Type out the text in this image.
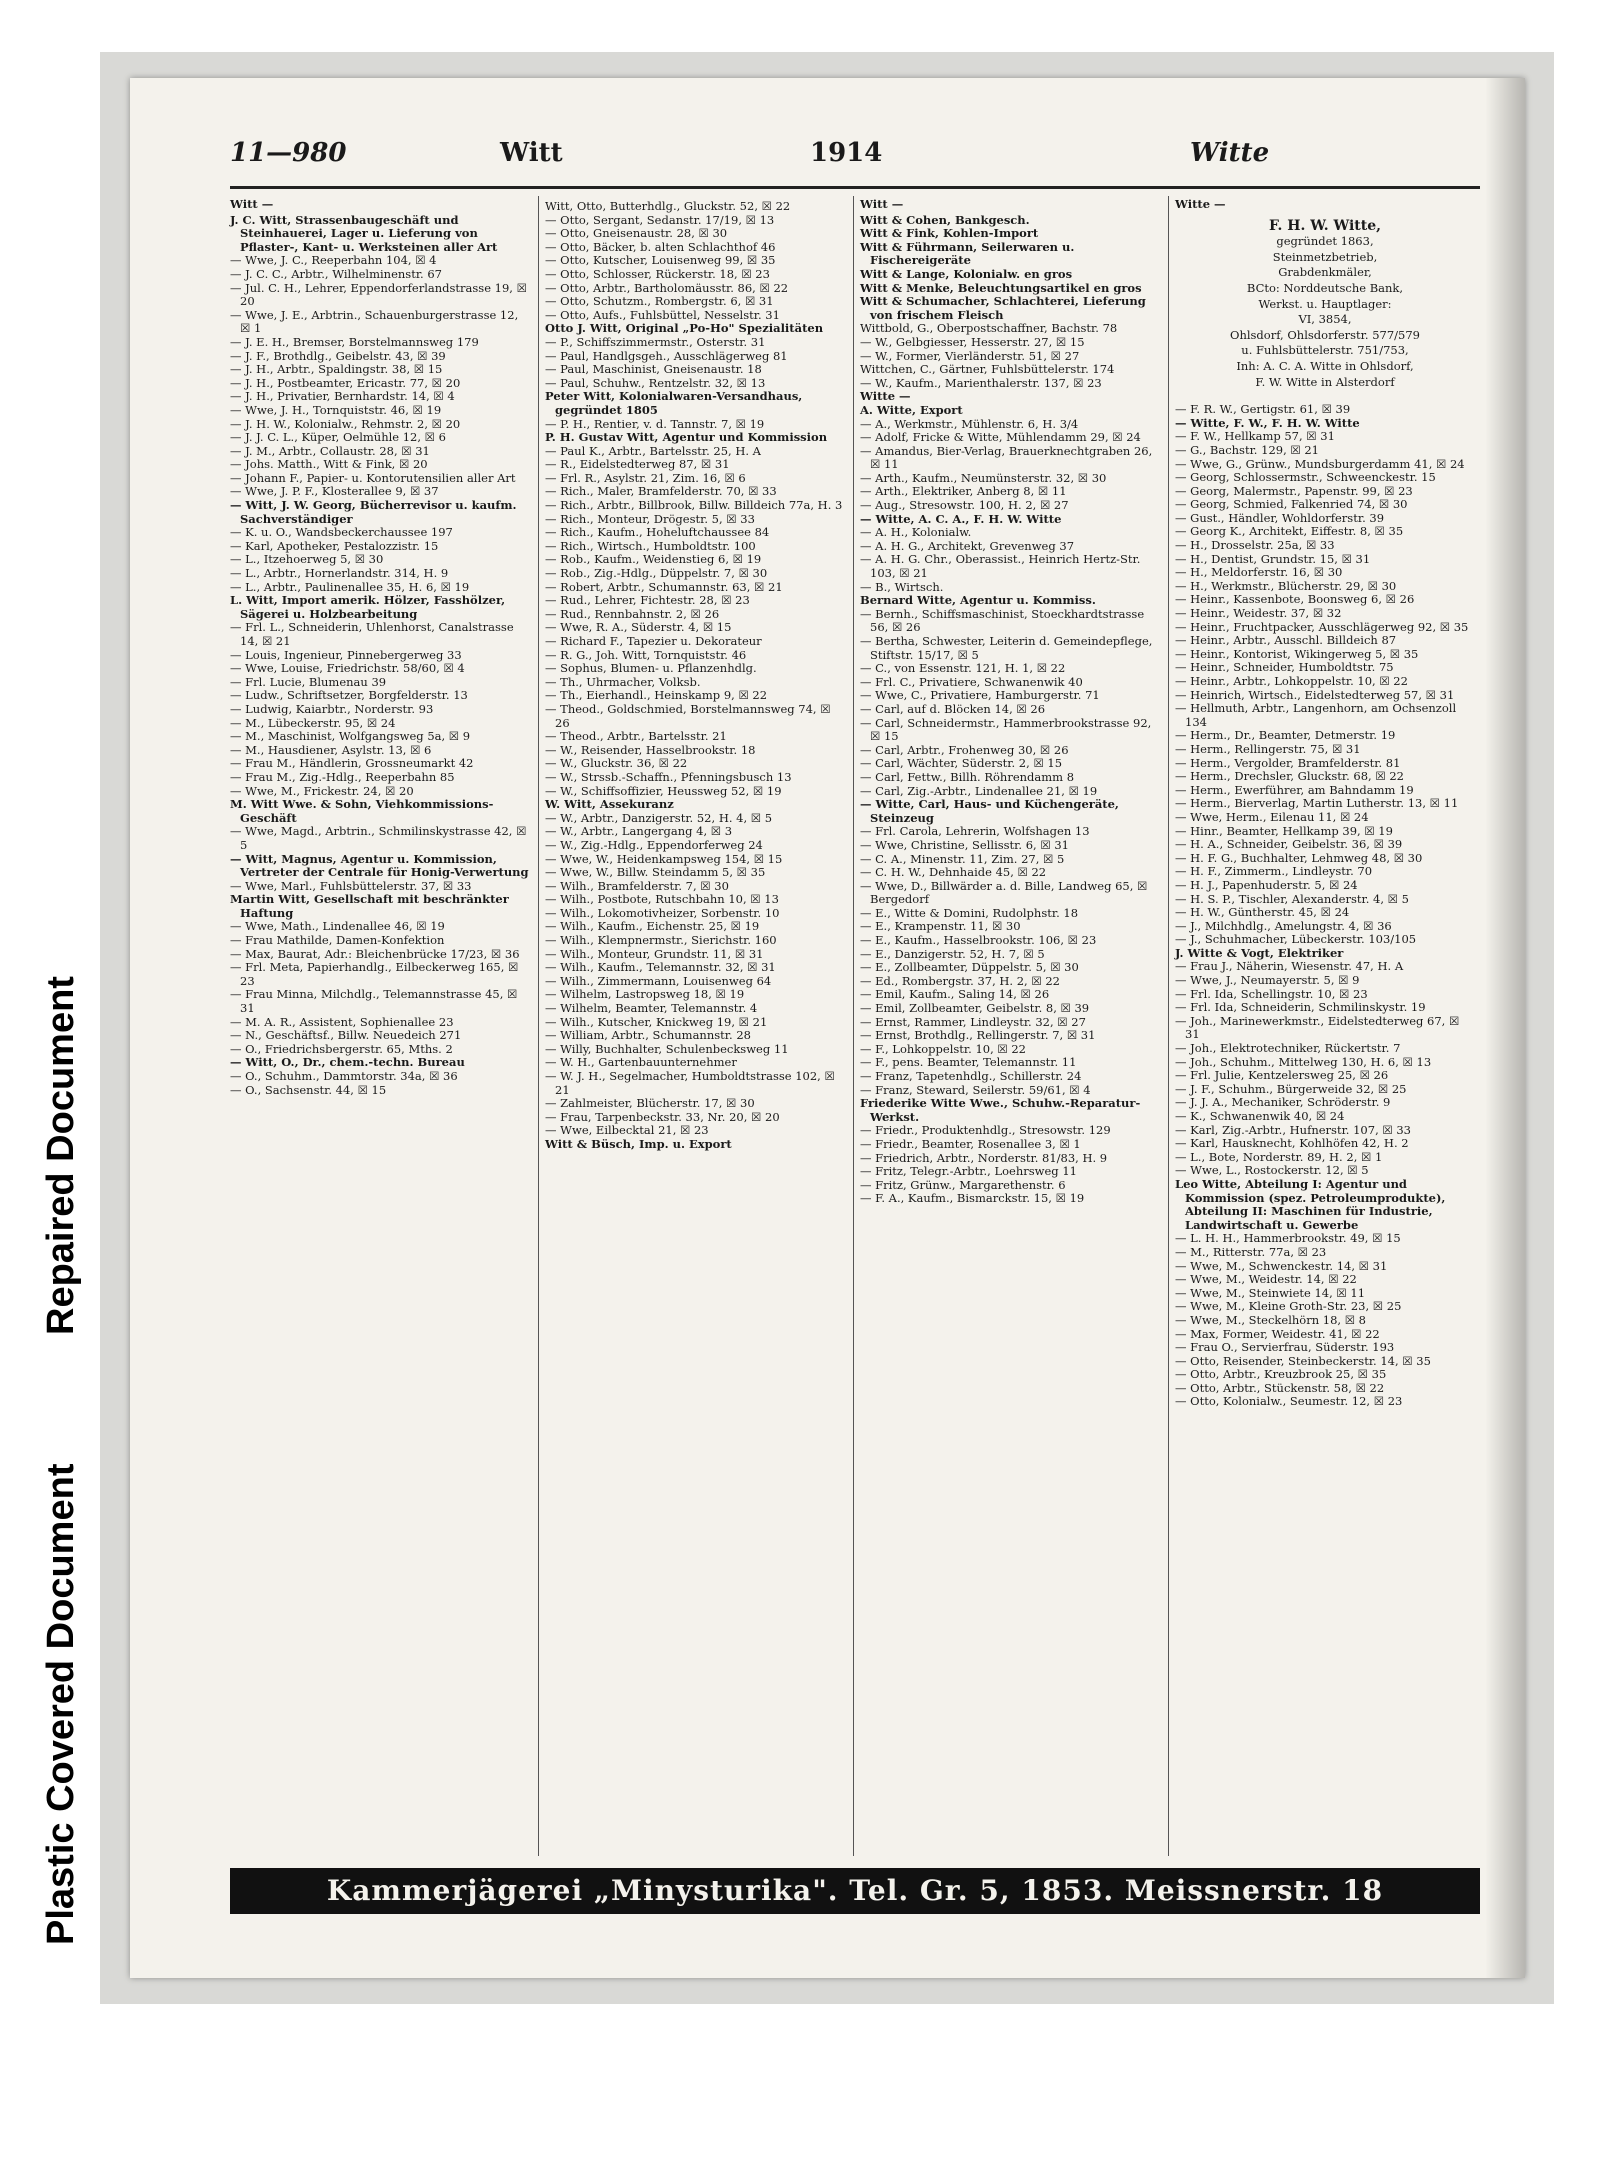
Plastic Covered Document
Repaired Document
11—980	Witt	1914	Witte
Witt —

J. C. Witt, Strassenbaugeschäft und Steinhauerei, Lager u. Lieferung von Pflaster-, Kant- u. Werksteinen aller Art

— Wwe, J. C., Reeperbahn 104, ☒ 4

— J. C. C., Arbtr., Wilhelminenstr. 67

— Jul. C. H., Lehrer, Eppendorferlandstrasse 19, ☒ 20

— Wwe, J. E., Arbtrin., Schauenburgerstrasse 12, ☒ 1

— J. E. H., Bremser, Borstelmannsweg 179

— J. F., Brothdlg., Geibelstr. 43, ☒ 39

— J. H., Arbtr., Spaldingstr. 38, ☒ 15

— J. H., Postbeamter, Ericastr. 77, ☒ 20

— J. H., Privatier, Bernhardstr. 14, ☒ 4

— Wwe, J. H., Tornquiststr. 46, ☒ 19

— J. H. W., Kolonialw., Rehmstr. 2, ☒ 20

— J. J. C. L., Küper, Oelmühle 12, ☒ 6

— J. M., Arbtr., Collaustr. 28, ☒ 31

— Johs. Matth., Witt & Fink, ☒ 20

— Johann F., Papier- u. Kontorutensilien aller Art

— Wwe, J. P. F., Klosterallee 9, ☒ 37

— Witt, J. W. Georg, Bücherrevisor u. kaufm. Sachverständiger

— K. u. O., Wandsbeckerchaussee 197

— Karl, Apotheker, Pestalozzistr. 15

— L., Itzehoerweg 5, ☒ 30

— L., Arbtr., Hornerlandstr. 314, H. 9

— L., Arbtr., Paulinenallee 35, H. 6, ☒ 19

L. Witt, Import amerik. Hölzer, Fasshölzer, Sägerei u. Holzbearbeitung

— Frl. L., Schneiderin, Uhlenhorst, Canalstrasse 14, ☒ 21

— Louis, Ingenieur, Pinnebergerweg 33

— Wwe, Louise, Friedrichstr. 58/60, ☒ 4

— Frl. Lucie, Blumenau 39

— Ludw., Schriftsetzer, Borgfelderstr. 13

— Ludwig, Kaiarbtr., Norderstr. 93

— M., Lübeckerstr. 95, ☒ 24

— M., Maschinist, Wolfgangsweg 5a, ☒ 9

— M., Hausdiener, Asylstr. 13, ☒ 6

— Frau M., Händlerin, Grossneumarkt 42

— Frau M., Zig.-Hdlg., Reeperbahn 85

— Wwe, M., Frickestr. 24, ☒ 20

M. Witt Wwe. & Sohn, Viehkommissions-Geschäft

— Wwe, Magd., Arbtrin., Schmilinskystrasse 42, ☒ 5

— Witt, Magnus, Agentur u. Kommission, Vertreter der Centrale für Honig-Verwertung

— Wwe, Marl., Fuhlsbüttelerstr. 37, ☒ 33

Martin Witt, Gesellschaft mit beschränkter Haftung

— Wwe, Math., Lindenallee 46, ☒ 19

— Frau Mathilde, Damen-Konfektion

— Max, Baurat, Adr.: Bleichenbrücke 17/23, ☒ 36

— Frl. Meta, Papierhandlg., Eilbeckerweg 165, ☒ 23

— Frau Minna, Milchdlg., Telemannstrasse 45, ☒ 31

— M. A. R., Assistent, Sophienallee 23

— N., Geschäftsf., Billw. Neuedeich 271

— O., Friedrichsbergerstr. 65, Mths. 2

— Witt, O., Dr., chem.-techn. Bureau

— O., Schuhm., Dammtorstr. 34a, ☒ 36

— O., Sachsenstr. 44, ☒ 15

Witt, Otto, Butterhdlg., Gluckstr. 52, ☒ 22

— Otto, Sergant, Sedanstr. 17/19, ☒ 13

— Otto, Gneisenaustr. 28, ☒ 30

— Otto, Bäcker, b. alten Schlachthof 46

— Otto, Kutscher, Louisenweg 99, ☒ 35

— Otto, Schlosser, Rückerstr. 18, ☒ 23

— Otto, Arbtr., Bartholomäusstr. 86, ☒ 22

— Otto, Schutzm., Rombergstr. 6, ☒ 31

— Otto, Aufs., Fuhlsbüttel, Nesselstr. 31

Otto J. Witt, Original „Po-Ho" Spezialitäten

— P., Schiffszimmermstr., Osterstr. 31

— Paul, Handlgsgeh., Ausschlägerweg 81

— Paul, Maschinist, Gneisenaustr. 18

— Paul, Schuhw., Rentzelstr. 32, ☒ 13

Peter Witt, Kolonialwaren-Versandhaus, gegründet 1805

— P. H., Rentier, v. d. Tannstr. 7, ☒ 19

P. H. Gustav Witt, Agentur und Kommission

— Paul K., Arbtr., Bartelsstr. 25, H. A

— R., Eidelstedterweg 87, ☒ 31

— Frl. R., Asylstr. 21, Zim. 16, ☒ 6

— Rich., Maler, Bramfelderstr. 70, ☒ 33

— Rich., Arbtr., Billbrook, Billw. Billdeich 77a, H. 3

— Rich., Monteur, Drögestr. 5, ☒ 33

— Rich., Kaufm., Hoheluftchaussee 84

— Rich., Wirtsch., Humboldtstr. 100

— Rob., Kaufm., Weidenstieg 6, ☒ 19

— Rob., Zig.-Hdlg., Düppelstr. 7, ☒ 30

— Robert, Arbtr., Schumannstr. 63, ☒ 21

— Rud., Lehrer, Fichtestr. 28, ☒ 23

— Rud., Rennbahnstr. 2, ☒ 26

— Wwe, R. A., Süderstr. 4, ☒ 15

— Richard F., Tapezier u. Dekorateur

— R. G., Joh. Witt, Tornquiststr. 46

— Sophus, Blumen- u. Pflanzenhdlg.

— Th., Uhrmacher, Volksb.

— Th., Eierhandl., Heinskamp 9, ☒ 22

— Theod., Goldschmied, Borstelmannsweg 74, ☒ 26

— Theod., Arbtr., Bartelsstr. 21

— W., Reisender, Hasselbrookstr. 18

— W., Gluckstr. 36, ☒ 22

— W., Strssb.-Schaffn., Pfenningsbusch 13

— W., Schiffsoffizier, Heussweg 52, ☒ 19

W. Witt, Assekuranz

— W., Arbtr., Danzigerstr. 52, H. 4, ☒ 5

— W., Arbtr., Langergang 4, ☒ 3

— W., Zig.-Hdlg., Eppendorferweg 24

— Wwe, W., Heidenkampsweg 154, ☒ 15

— Wwe, W., Billw. Steindamm 5, ☒ 35

— Wilh., Bramfelderstr. 7, ☒ 30

— Wilh., Postbote, Rutschbahn 10, ☒ 13

— Wilh., Lokomotivheizer, Sorbenstr. 10

— Wilh., Kaufm., Eichenstr. 25, ☒ 19

— Wilh., Klempnermstr., Sierichstr. 160

— Wilh., Monteur, Grundstr. 11, ☒ 31

— Wilh., Kaufm., Telemannstr. 32, ☒ 31

— Wilh., Zimmermann, Louisenweg 64

— Wilhelm, Lastropsweg 18, ☒ 19

— Wilhelm, Beamter, Telemannstr. 4

— Wilh., Kutscher, Knickweg 19, ☒ 21

— William, Arbtr., Schumannstr. 28

— Willy, Buchhalter, Schulenbecksweg 11

— W. H., Gartenbauunternehmer

— W. J. H., Segelmacher, Humboldtstrasse 102, ☒ 21

— Zahlmeister, Blücherstr. 17, ☒ 30

— Frau, Tarpenbeckstr. 33, Nr. 20, ☒ 20

— Wwe, Eilbecktal 21, ☒ 23

Witt & Büsch, Imp. u. Export

Witt —

Witt & Cohen, Bankgesch.

Witt & Fink, Kohlen-Import

Witt & Führmann, Seilerwaren u. Fischereigeräte

Witt & Lange, Kolonialw. en gros

Witt & Menke, Beleuchtungsartikel en gros

Witt & Schumacher, Schlachterei, Lieferung von frischem Fleisch

Wittbold, G., Oberpostschaffner, Bachstr. 78

— W., Gelbgiesser, Hesserstr. 27, ☒ 15

— W., Former, Vierländerstr. 51, ☒ 27

Wittchen, C., Gärtner, Fuhlsbüttelerstr. 174

— W., Kaufm., Marienthalerstr. 137, ☒ 23

Witte —

A. Witte, Export

— A., Werkmstr., Mühlenstr. 6, H. 3/4

— Adolf, Fricke & Witte, Mühlendamm 29, ☒ 24

— Amandus, Bier-Verlag, Brauerknechtgraben 26, ☒ 11

— Arth., Kaufm., Neumünsterstr. 32, ☒ 30

— Arth., Elektriker, Anberg 8, ☒ 11

— Aug., Stresowstr. 100, H. 2, ☒ 27

— Witte, A. C. A., F. H. W. Witte

— A. H., Kolonialw.

— A. H. G., Architekt, Grevenweg 37

— A. H. G. Chr., Oberassist., Heinrich Hertz-Str. 103, ☒ 21

— B., Wirtsch.

Bernard Witte, Agentur u. Kommiss.

— Bernh., Schiffsmaschinist, Stoeckhardtstrasse 56, ☒ 26

— Bertha, Schwester, Leiterin d. Gemeindepflege, Stiftstr. 15/17, ☒ 5

— C., von Essenstr. 121, H. 1, ☒ 22

— Frl. C., Privatiere, Schwanenwik 40

— Wwe, C., Privatiere, Hamburgerstr. 71

— Carl, auf d. Blöcken 14, ☒ 26

— Carl, Schneidermstr., Hammerbrookstrasse 92, ☒ 15

— Carl, Arbtr., Frohenweg 30, ☒ 26

— Carl, Wächter, Süderstr. 2, ☒ 15

— Carl, Fettw., Billh. Röhrendamm 8

— Carl, Zig.-Arbtr., Lindenallee 21, ☒ 19

— Witte, Carl, Haus- und Küchengeräte, Steinzeug

— Frl. Carola, Lehrerin, Wolfshagen 13

— Wwe, Christine, Sellisstr. 6, ☒ 31

— C. A., Minenstr. 11, Zim. 27, ☒ 5

— C. H. W., Dehnhaide 45, ☒ 22

— Wwe, D., Billwärder a. d. Bille, Landweg 65, ☒ Bergedorf

— E., Witte & Domini, Rudolphstr. 18

— E., Krampenstr. 11, ☒ 30

— E., Kaufm., Hasselbrookstr. 106, ☒ 23

— E., Danzigerstr. 52, H. 7, ☒ 5

— E., Zollbeamter, Düppelstr. 5, ☒ 30

— Ed., Rombergstr. 37, H. 2, ☒ 22

— Emil, Kaufm., Saling 14, ☒ 26

— Emil, Zollbeamter, Geibelstr. 8, ☒ 39

— Ernst, Rammer, Lindleystr. 32, ☒ 27

— Ernst, Brothdlg., Rellingerstr. 7, ☒ 31

— F., Lohkoppelstr. 10, ☒ 22

— F., pens. Beamter, Telemannstr. 11

— Franz, Tapetenhdlg., Schillerstr. 24

— Franz, Steward, Seilerstr. 59/61, ☒ 4

Friederike Witte Wwe., Schuhw.-Reparatur-Werkst.

— Friedr., Produktenhdlg., Stresowstr. 129

— Friedr., Beamter, Rosenallee 3, ☒ 1

— Friedrich, Arbtr., Norderstr. 81/83, H. 9

— Fritz, Telegr.-Arbtr., Loehrsweg 11

— Fritz, Grünw., Margarethenstr. 6

— F. A., Kaufm., Bismarckstr. 15, ☒ 19

Witte —
F. H. W. Witte,
gegründet 1863,
Steinmetzbetrieb,
Grabdenkmäler,
BCto: Norddeutsche Bank,
Werkst. u. Hauptlager:
VI, 3854,
Ohlsdorf, Ohlsdorferstr. 577/579
u. Fuhlsbüttelerstr. 751/753,
Inh: A. C. A. Witte in Ohlsdorf,
F. W. Witte in Alsterdorf

— F. R. W., Gertigstr. 61, ☒ 39

— Witte, F. W., F. H. W. Witte

— F. W., Hellkamp 57, ☒ 31

— G., Bachstr. 129, ☒ 21

— Wwe, G., Grünw., Mundsburgerdamm 41, ☒ 24

— Georg, Schlossermstr., Schweenckestr. 15

— Georg, Malermstr., Papenstr. 99, ☒ 23

— Georg, Schmied, Falkenried 74, ☒ 30

— Gust., Händler, Wohldorferstr. 39

— Georg K., Architekt, Eiffestr. 8, ☒ 35

— H., Drosselstr. 25a, ☒ 33

— H., Dentist, Grundstr. 15, ☒ 31

— H., Meldorferstr. 16, ☒ 30

— H., Werkmstr., Blücherstr. 29, ☒ 30

— Heinr., Kassenbote, Boonsweg 6, ☒ 26

— Heinr., Weidestr. 37, ☒ 32

— Heinr., Fruchtpacker, Ausschlägerweg 92, ☒ 35

— Heinr., Arbtr., Ausschl. Billdeich 87

— Heinr., Kontorist, Wikingerweg 5, ☒ 35

— Heinr., Schneider, Humboldtstr. 75

— Heinr., Arbtr., Lohkoppelstr. 10, ☒ 22

— Heinrich, Wirtsch., Eidelstedterweg 57, ☒ 31

— Hellmuth, Arbtr., Langenhorn, am Ochsenzoll 134

— Herm., Dr., Beamter, Detmerstr. 19

— Herm., Rellingerstr. 75, ☒ 31

— Herm., Vergolder, Bramfelderstr. 81

— Herm., Drechsler, Gluckstr. 68, ☒ 22

— Herm., Ewerführer, am Bahndamm 19

— Herm., Bierverlag, Martin Lutherstr. 13, ☒ 11

— Wwe, Herm., Eilenau 11, ☒ 24

— Hinr., Beamter, Hellkamp 39, ☒ 19

— H. A., Schneider, Geibelstr. 36, ☒ 39

— H. F. G., Buchhalter, Lehmweg 48, ☒ 30

— H. F., Zimmerm., Lindleystr. 70

— H. J., Papenhuderstr. 5, ☒ 24

— H. S. P., Tischler, Alexanderstr. 4, ☒ 5

— H. W., Güntherstr. 45, ☒ 24

— J., Milchhdlg., Amelungstr. 4, ☒ 36

— J., Schuhmacher, Lübeckerstr. 103/105

J. Witte & Vogt, Elektriker

— Frau J., Näherin, Wiesenstr. 47, H. A

— Wwe, J., Neumayerstr. 5, ☒ 9

— Frl. Ida, Schellingstr. 10, ☒ 23

— Frl. Ida, Schneiderin, Schmilinskystr. 19

— Joh., Marinewerkmstr., Eidelstedterweg 67, ☒ 31

— Joh., Elektrotechniker, Rückertstr. 7

— Joh., Schuhm., Mittelweg 130, H. 6, ☒ 13

— Frl. Julie, Kentzelersweg 25, ☒ 26

— J. F., Schuhm., Bürgerweide 32, ☒ 25

— J. J. A., Mechaniker, Schröderstr. 9

— K., Schwanenwik 40, ☒ 24

— Karl, Zig.-Arbtr., Hufnerstr. 107, ☒ 33

— Karl, Hausknecht, Kohlhöfen 42, H. 2

— L., Bote, Norderstr. 89, H. 2, ☒ 1

— Wwe, L., Rostockerstr. 12, ☒ 5

Leo Witte, Abteilung I: Agentur und Kommission (spez. Petroleumprodukte), Abteilung II: Maschinen für Industrie, Landwirtschaft u. Gewerbe

— L. H. H., Hammerbrookstr. 49, ☒ 15

— M., Ritterstr. 77a, ☒ 23

— Wwe, M., Schwenckestr. 14, ☒ 31

— Wwe, M., Weidestr. 14, ☒ 22

— Wwe, M., Steinwiete 14, ☒ 11

— Wwe, M., Kleine Groth-Str. 23, ☒ 25

— Wwe, M., Steckelhörn 18, ☒ 8

— Max, Former, Weidestr. 41, ☒ 22

— Frau O., Servierfrau, Süderstr. 193

— Otto, Reisender, Steinbeckerstr. 14, ☒ 35

— Otto, Arbtr., Kreuzbrook 25, ☒ 35

— Otto, Arbtr., Stückenstr. 58, ☒ 22

— Otto, Kolonialw., Seumestr. 12, ☒ 23

Kammerjägerei „Minysturika". Tel. Gr. 5, 1853. Meissnerstr. 18
